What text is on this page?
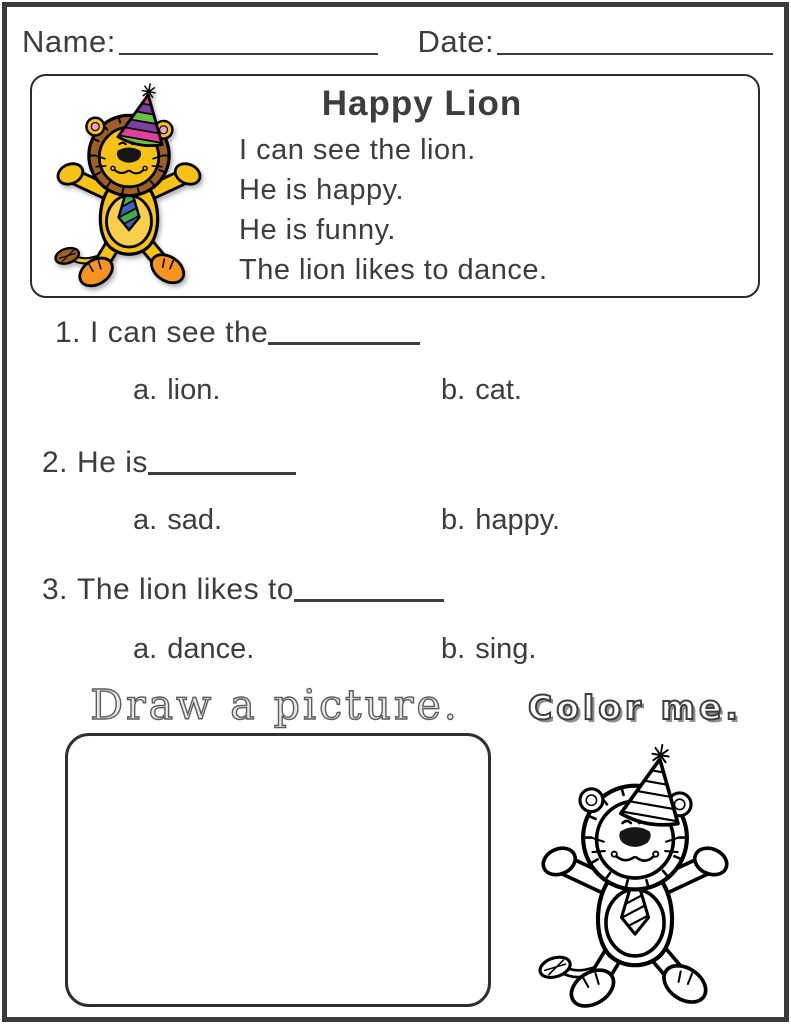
Name:	Date:
Happy Lion
I can see the lion.
He is happy.
He is funny.
The lion likes to dance.
1. I can see the
a. lion.	b. cat.
2. He is
a. sad.	b. happy.
3. The lion likes to
a. dance.	b. sing.
Draw a picture.	Color me.
